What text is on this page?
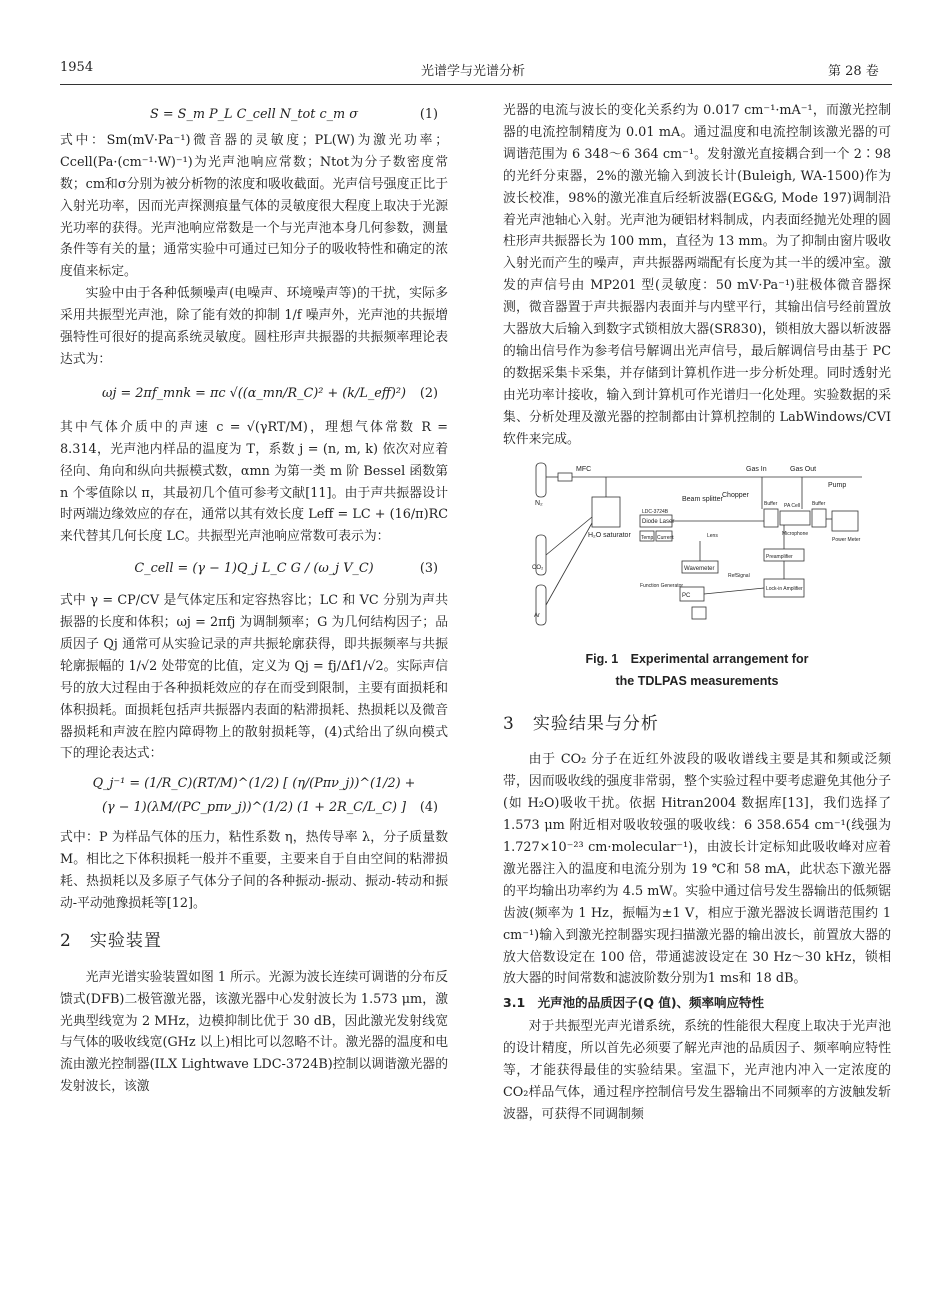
1954	光谱学与光谱分析	第 28 卷
S = S_m P_L C_cell N_tot c_m σ	(1)

式中：Sm(mV·Pa⁻¹)微音器的灵敏度；PL(W)为激光功率；Ccell(Pa·(cm⁻¹·W)⁻¹)为光声池响应常数；Ntot为分子数密度常数；cm和σ分别为被分析物的浓度和吸收截面。光声信号强度正比于入射光功率，因而光声探测痕量气体的灵敏度很大程度上取决于光源光功率的获得。光声池响应常数是一个与光声池本身几何参数，测量条件等有关的量；通常实验中可通过已知分子的吸收特性和确定的浓度值来标定。

实验中由于各种低频噪声(电噪声、环境噪声等)的干扰，实际多采用共振型光声池，除了能有效的抑制 1/f 噪声外，光声池的共振增强特性可很好的提高系统灵敏度。圆柱形声共振器的共振频率理论表达式为：

ωj = 2πf_mnk = πc √((α_mn/R_C)² + (k/L_eff)²) (2)

其中气体介质中的声速 c = √(γRT/M)，理想气体常数 R = 8.314，光声池内样品的温度为 T，系数 j = (n, m, k) 依次对应着径向、角向和纵向共振模式数，αmn 为第一类 m 阶 Bessel 函数第 n 个零值除以 π，其最初几个值可参考文献[11]。由于声共振器设计时两端边缘效应的存在，通常以其有效长度 Leff = LC + (16/π)RC 来代替其几何长度 LC。共振型光声池响应常数可表示为：

C_cell = (γ − 1)Q_j L_C G / (ω_j V_C)	(3)

式中 γ = CP/CV 是气体定压和定容热容比；LC 和 VC 分别为声共振器的长度和体积；ωj = 2πfj 为调制频率；G 为几何结构因子；品质因子 Qj 通常可从实验记录的声共振轮廓获得，即共振频率与共振轮廓振幅的 1/√2 处带宽的比值，定义为 Qj = fj/Δf1/√2。实际声信号的放大过程由于各种损耗效应的存在而受到限制，主要有面损耗和体积损耗。面损耗包括声共振器内表面的粘滞损耗、热损耗以及微音器损耗和声波在腔内障碍物上的散射损耗等，(4)式给出了纵向模式下的理论表达式：

Q_j⁻¹ = (1/R_C)(RT/M)^(1/2) [ (η/(Pπν_j))^(1/2) +
(γ − 1)(λM/(PC_pπν_j))^(1/2) (1 + 2R_C/L_C) ] (4)

式中：P 为样品气体的压力，粘性系数 η，热传导率 λ，分子质量数 M。相比之下体积损耗一般并不重要，主要来自于自由空间的粘滞损耗、热损耗以及多原子气体分子间的各种振动-振动、振动-转动和振动-平动弛豫损耗等[12]。

2　实验装置

光声光谱实验装置如图 1 所示。光源为波长连续可调谐的分布反馈式(DFB)二极管激光器，该激光器中心发射波长为 1.573 μm，激光典型线宽为 2 MHz，边模抑制比优于 30 dB，因此激光发射线宽与气体的吸收线宽(GHz 以上)相比可以忽略不计。激光器的温度和电流由激光控制器(ILX Lightwave LDC-3724B)控制以调谐激光器的发射波长，该激

光器的电流与波长的变化关系约为 0.017 cm⁻¹·mA⁻¹，而激光控制器的电流控制精度为 0.01 mA。通过温度和电流控制该激光器的可调谐范围为 6 348～6 364 cm⁻¹。发射激光直接耦合到一个 2∶98 的光纤分束器，2%的激光输入到波长计(Buleigh, WA-1500)作为波长校准，98%的激光准直后经斩波器(EG&G, Mode 197)调制沿着光声池轴心入射。光声池为硬铝材料制成，内表面经抛光处理的圆柱形声共振器长为 100 mm，直径为 13 mm。为了抑制由窗片吸收入射光而产生的噪声，声共振器两端配有长度为其一半的缓冲室。激发的声信号由 MP201 型(灵敏度：50 mV·Pa⁻¹)驻极体微音器探测，微音器置于声共振器内表面并与内壁平行，其输出信号经前置放大器放大后输入到数字式锁相放大器(SR830)，锁相放大器以斩波器的输出信号作为参考信号解调出光声信号，最后解调信号由基于 PC 的数据采集卡采集，并存储到计算机作进一步分析处理。同时透射光由光功率计接收，输入到计算机可作光谱归一化处理。实验数据的采集、分析处理及激光器的控制都由计算机控制的 LabWindows/CVI 软件来完成。

N₂
MFC	Gas In	Gas Out
Pump
H₂O saturator
Beam splitter
Chopper
Buffer PA Cell Buffer
Microphone
Power Meter
Diode Laser
LDC-3724B
Temp. Current	Lens
Wavemeter
Preamplifier
Function Generator
RefSignal
Lock-in Amplifier
PC
CO₂
Ar
Fig. 1　Experimental arrangement for
the TDLPAS measurements
3　实验结果与分析

由于 CO₂ 分子在近红外波段的吸收谱线主要是其和频或泛频带，因而吸收线的强度非常弱，整个实验过程中要考虑避免其他分子(如 H₂O)吸收干扰。依据 Hitran2004 数据库[13]，我们选择了 1.573 μm 附近相对吸收较强的吸收线：6 358.654 cm⁻¹(线强为 1.727×10⁻²³ cm·molecular⁻¹)，由波长计定标知此吸收峰对应着激光器注入的温度和电流分别为 19 ℃和 58 mA，此状态下激光器的平均输出功率约为 4.5 mW。实验中通过信号发生器输出的低频锯齿波(频率为 1 Hz，振幅为±1 V，相应于激光器波长调谐范围约 1 cm⁻¹)输入到激光控制器实现扫描激光器的输出波长，前置放大器的放大倍数设定在 100 倍，带通滤波设定在 30 Hz～30 kHz，锁相放大器的时间常数和滤波阶数分别为1 ms和 18 dB。

3.1　光声池的品质因子(Q 值)、频率响应特性

对于共振型光声光谱系统，系统的性能很大程度上取决于光声池的设计精度，所以首先必须要了解光声池的品质因子、频率响应特性等，才能获得最佳的实验结果。室温下，光声池内冲入一定浓度的CO₂样品气体，通过程序控制信号发生器输出不同频率的方波触发斩波器，可获得不同调制频
